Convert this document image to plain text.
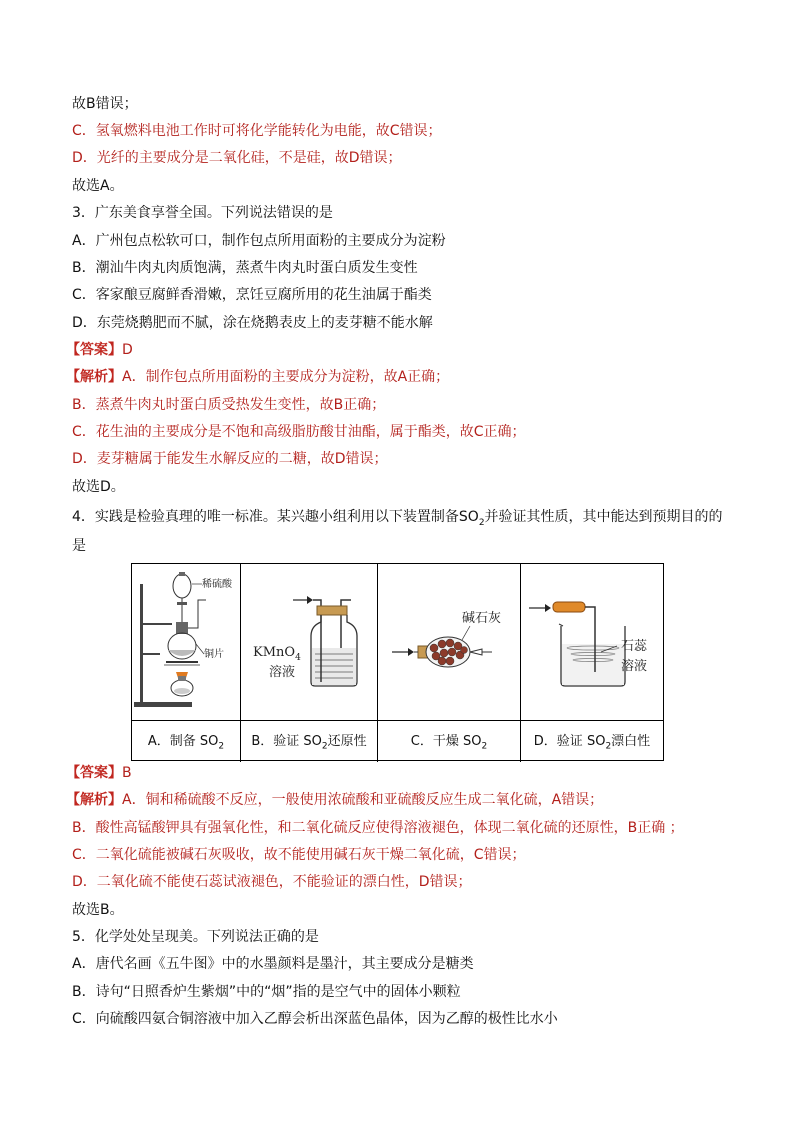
故B错误；
C．氢氧燃料电池工作时可将化学能转化为电能，故C错误；
D．光纤的主要成分是二氧化硅，不是硅，故D错误；
故选A。
3．广东美食享誉全国。下列说法错误的是
A．广州包点松软可口，制作包点所用面粉的主要成分为淀粉
B．潮汕牛肉丸肉质饱满，蒸煮牛肉丸时蛋白质发生变性
C．客家酿豆腐鲜香滑嫩，烹饪豆腐所用的花生油属于酯类
D．东莞烧鹅肥而不腻，涂在烧鹅表皮上的麦芽糖不能水解
【答案】D
【解析】A．制作包点所用面粉的主要成分为淀粉，故A正确；
B．蒸煮牛肉丸时蛋白质受热发生变性，故B正确；
C．花生油的主要成分是不饱和高级脂肪酸甘油酯，属于酯类，故C正确；
D．麦芽糖属于能发生水解反应的二糖，故D错误；
故选D。
4．实践是检验真理的唯一标准。某兴趣小组利用以下装置制备$SO_2$并验证其性质，其中能达到预期目的的
是
稀硫酸
铜片
A．制备 $SO_2$
KMnO$_4$
溶液
B．验证 $SO_2$还原性
碱石灰
C．干燥 $SO_2$
石蕊
溶液
D．验证 $SO_2$漂白性
【答案】B
【解析】A．铜和稀硫酸不反应，一般使用浓硫酸和亚硫酸反应生成二氧化硫，A错误；
B．酸性高锰酸钾具有强氧化性，和二氧化硫反应使得溶液褪色，体现二氧化硫的还原性，B正确 ；
C．二氧化硫能被碱石灰吸收，故不能使用碱石灰干燥二氧化硫，C错误；
D．二氧化硫不能使石蕊试液褪色，不能验证的漂白性，D错误；
故选B。
5．化学处处呈现美。下列说法正确的是
A．唐代名画《五牛图》中的水墨颜料是墨汁，其主要成分是糖类
B．诗句“日照香炉生紫烟”中的“烟”指的是空气中的固体小颗粒
C．向硫酸四氨合铜溶液中加入乙醇会析出深蓝色晶体，因为乙醇的极性比水小
